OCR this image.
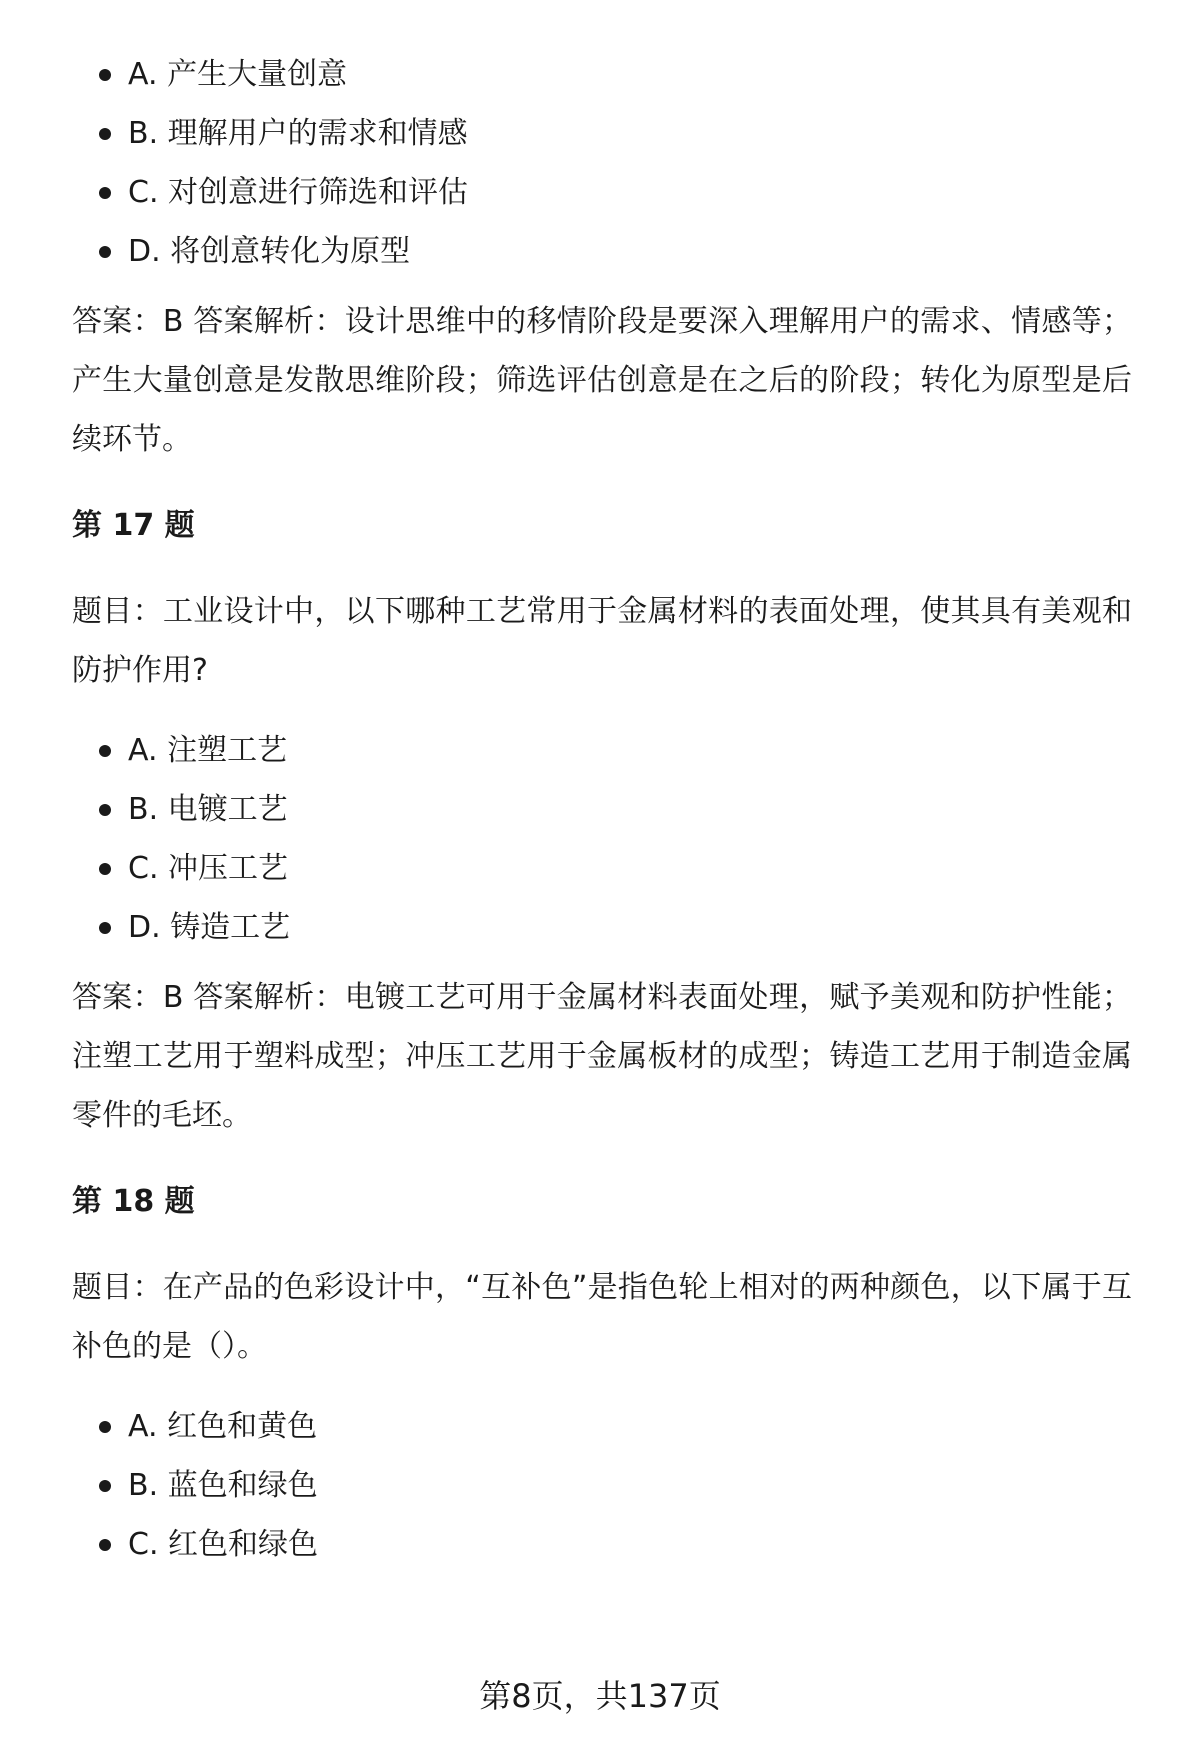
A. 产生大量创意
B. 理解用户的需求和情感
C. 对创意进行筛选和评估
D. 将创意转化为原型

答案：B 答案解析：设计思维中的移情阶段是要深入理解用户的需求、情感等；产生大量创意是发散思维阶段；筛选评估创意是在之后的阶段；转化为原型是后续环节。

第 17 题

题目：工业设计中，以下哪种工艺常用于金属材料的表面处理，使其具有美观和防护作用?

A. 注塑工艺
B. 电镀工艺
C. 冲压工艺
D. 铸造工艺

答案：B 答案解析：电镀工艺可用于金属材料表面处理，赋予美观和防护性能；注塑工艺用于塑料成型；冲压工艺用于金属板材的成型；铸造工艺用于制造金属零件的毛坯。

第 18 题

题目：在产品的色彩设计中，“互补色”是指色轮上相对的两种颜色，以下属于互补色的是（）。

A. 红色和黄色
B. 蓝色和绿色
C. 红色和绿色
第8页，共137页
